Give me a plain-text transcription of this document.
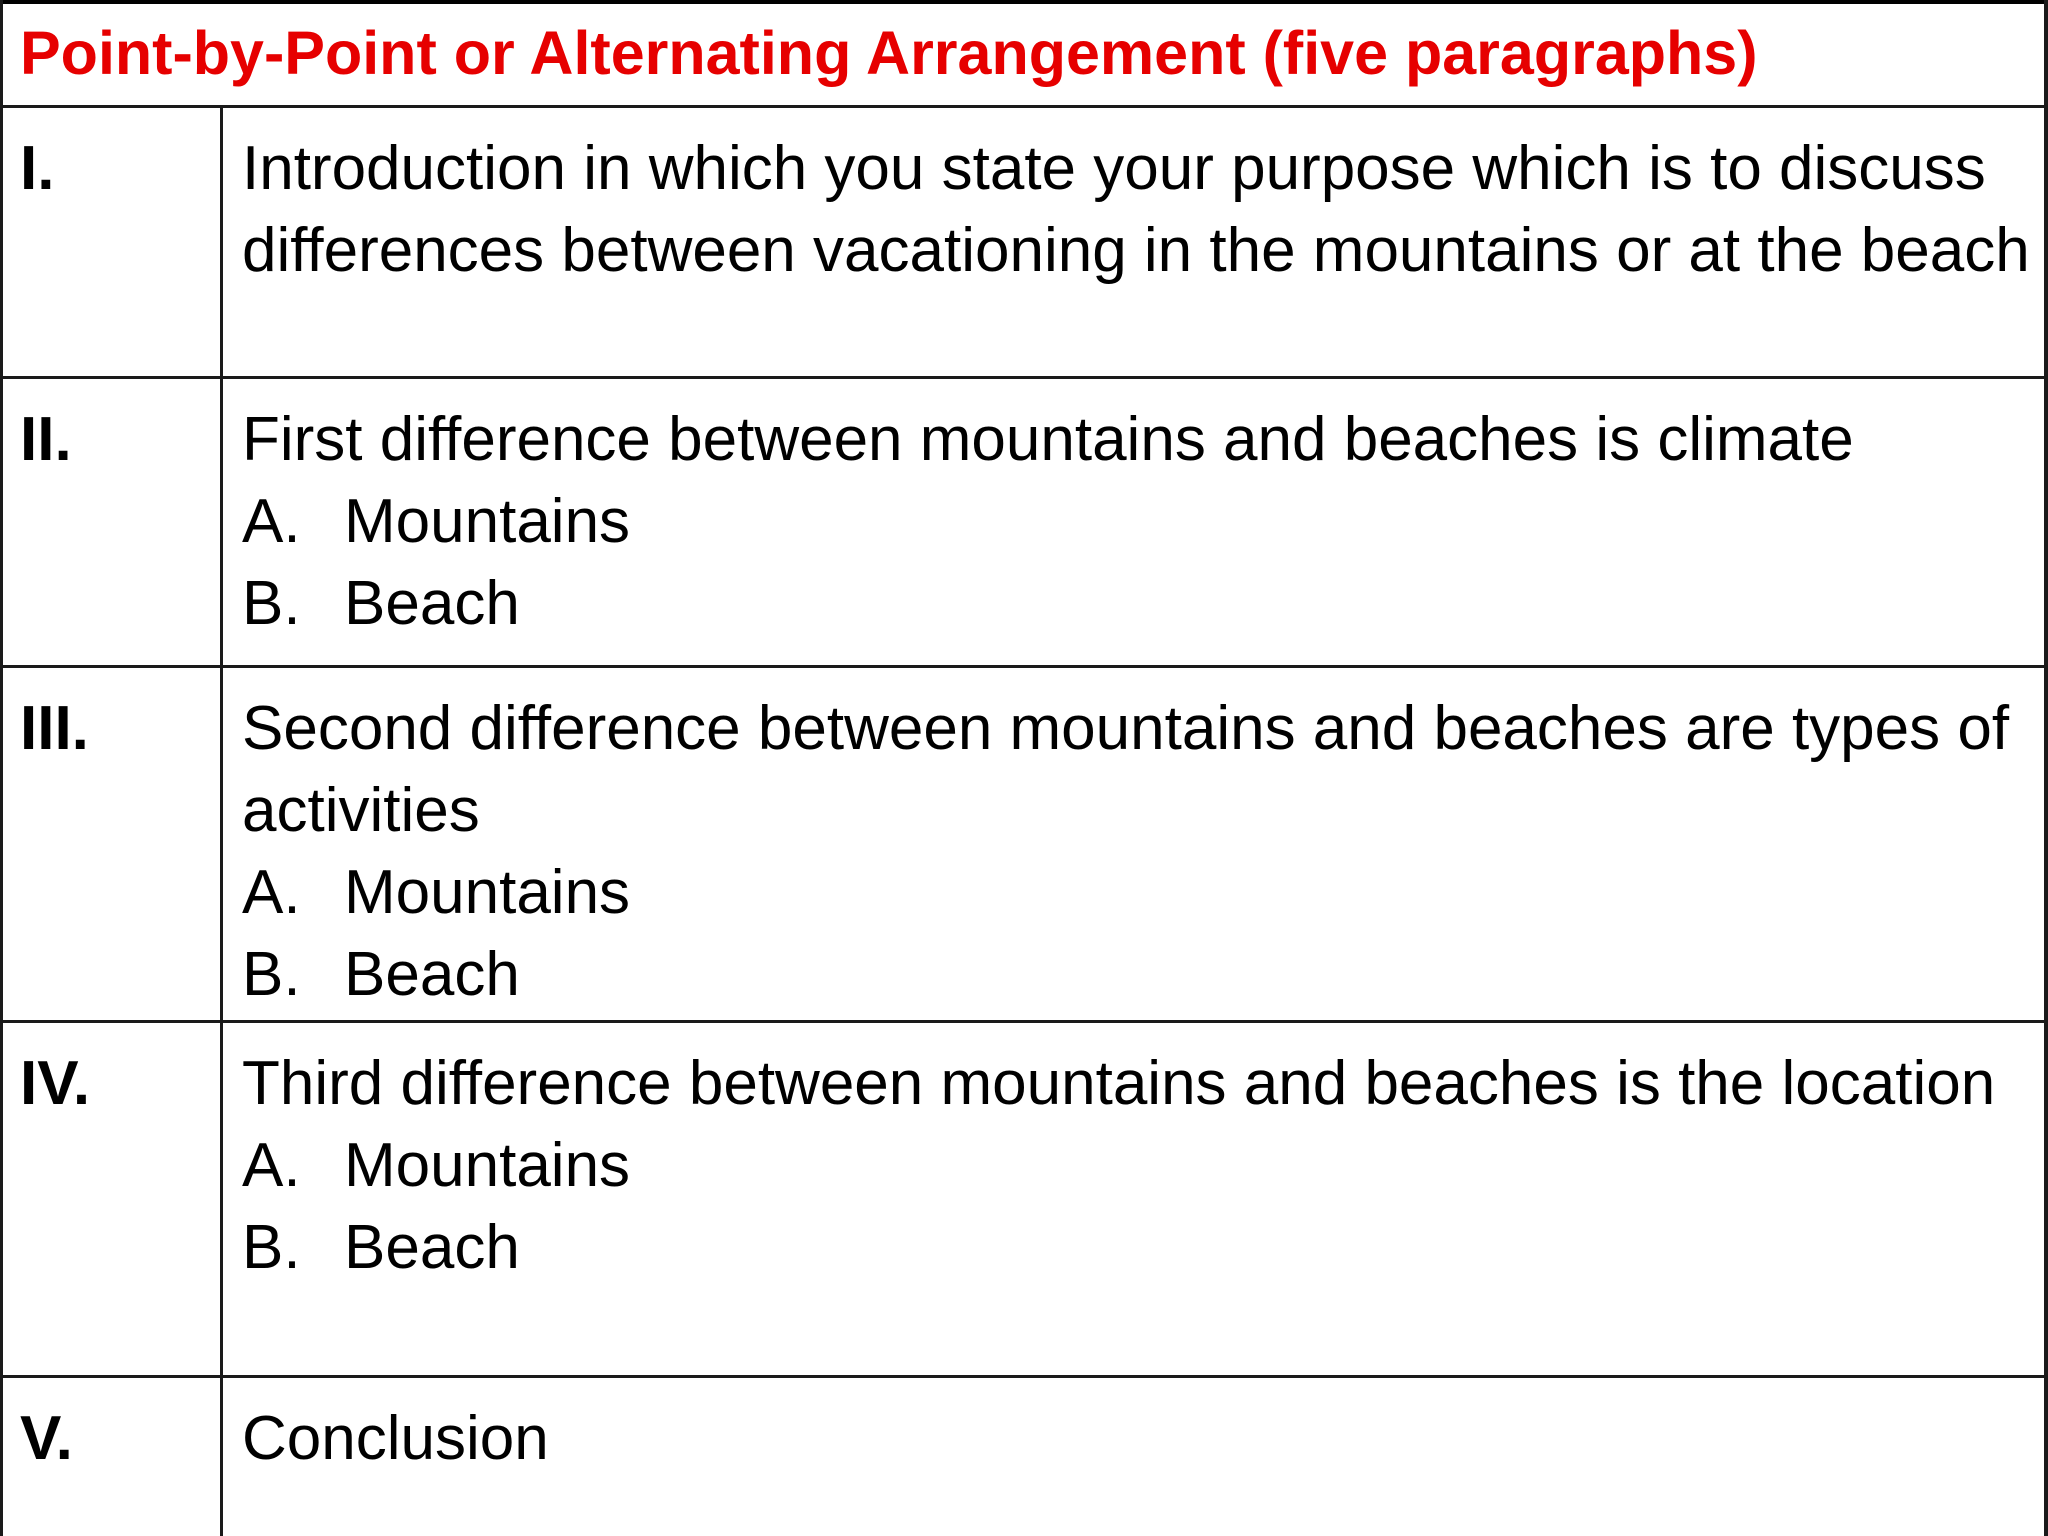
Point-by-Point or Alternating Arrangement (five paragraphs)
I.	Introduction in which you state your purpose which is to discuss differences between vacationing in the mountains or at the beach
II.	First difference between mountains and beaches is climate
A. Mountains
B. Beach
III. Second difference between mountains and beaches are types of activities
A. Mountains
B. Beach
IV. Third difference between mountains and beaches is the location
A. Mountains
B. Beach
V.	Conclusion
